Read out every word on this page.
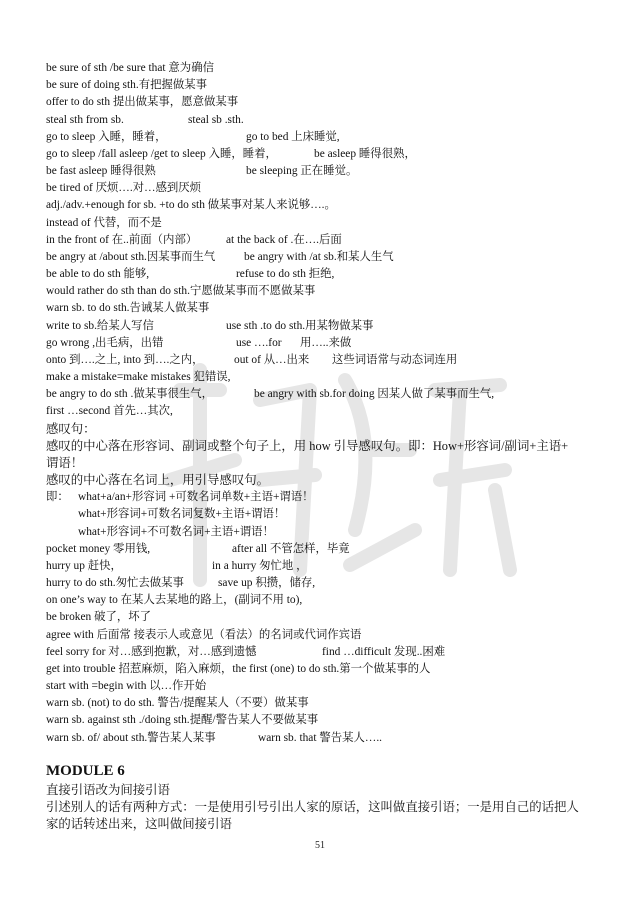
be sure of sth /be sure that 意为确信
be sure of doing sth.有把握做某事
offer to do sth 提出做某事，愿意做某事
steal sth from sb.	steal sb .sth.
go to sleep 入睡，睡着，	go to bed 上床睡觉,
go to sleep /fall asleep /get to sleep 入睡，睡着，	be asleep 睡得很熟，
be fast asleep 睡得很熟	be sleeping 正在睡觉。
be tired of 厌烦….对…感到厌烦
adj./adv.+enough for sb. +to do sth 做某事对某人来说够….。
instead of 代替，而不是
in the front of 在..前面（内部）	at the back of .在….后面
be angry at /about sth.因某事而生气	be angry with /at sb.和某人生气
be able to do sth 能够,	refuse to do sth 拒绝,
would rather do sth than do sth.宁愿做某事而不愿做某事
warn sb. to do sth.告诫某人做某事
write to sb.给某人写信	use sth .to do sth.用某物做某事
go wrong ,出毛病，出错	use ….for 用…..来做
onto 到….之上, into 到….之内，	out of 从…出来 这些词语常与动态词连用
make a mistake=make mistakes 犯错误,
be angry to do sth .做某事很生气，	be angry with sb.for doing 因某人做了某事而生气,
first …second 首先…其次,
感叹句：
感叹的中心落在形容词、副词或整个句子上，用 how 引导感叹句。即：How+形容词/副词+主语+
谓语！
感叹的中心落在名词上，用引导感叹句。
即： what+a/an+形容词 +可数名词单数+主语+谓语！
what+形容词+可数名词复数+主语+谓语！
what+形容词+不可数名词+主语+谓语！
pocket money 零用钱,	after all 不管怎样，毕竟
hurry up 赶快，	in a hurry 匆忙地 ，
hurry to do sth.匆忙去做某事	save up 积攒，储存,
on one’s way to 在某人去某地的路上，(副词不用 to),
be broken 破了，坏了
agree with 后面常 接表示人或意见（看法）的名词或代词作宾语
feel sorry for 对…感到抱歉，对…感到遗憾	find …difficult 发现..困难
get into trouble 招惹麻烦，陷入麻烦，the first (one) to do sth.第一个做某事的人
start with =begin with 以…作开始
warn sb. (not) to do sth. 警告/提醒某人（不要）做某事
warn sb. against sth ./doing sth.提醒/警告某人不要做某事
warn sb. of/ about sth.警告某人某事	warn sb. that 警告某人…..
MODULE 6
直接引语改为间接引语
引述别人的话有两种方式：一是使用引号引出人家的原话，这叫做直接引语；一是用自己的话把人
家的话转述出来，这叫做间接引语
51
